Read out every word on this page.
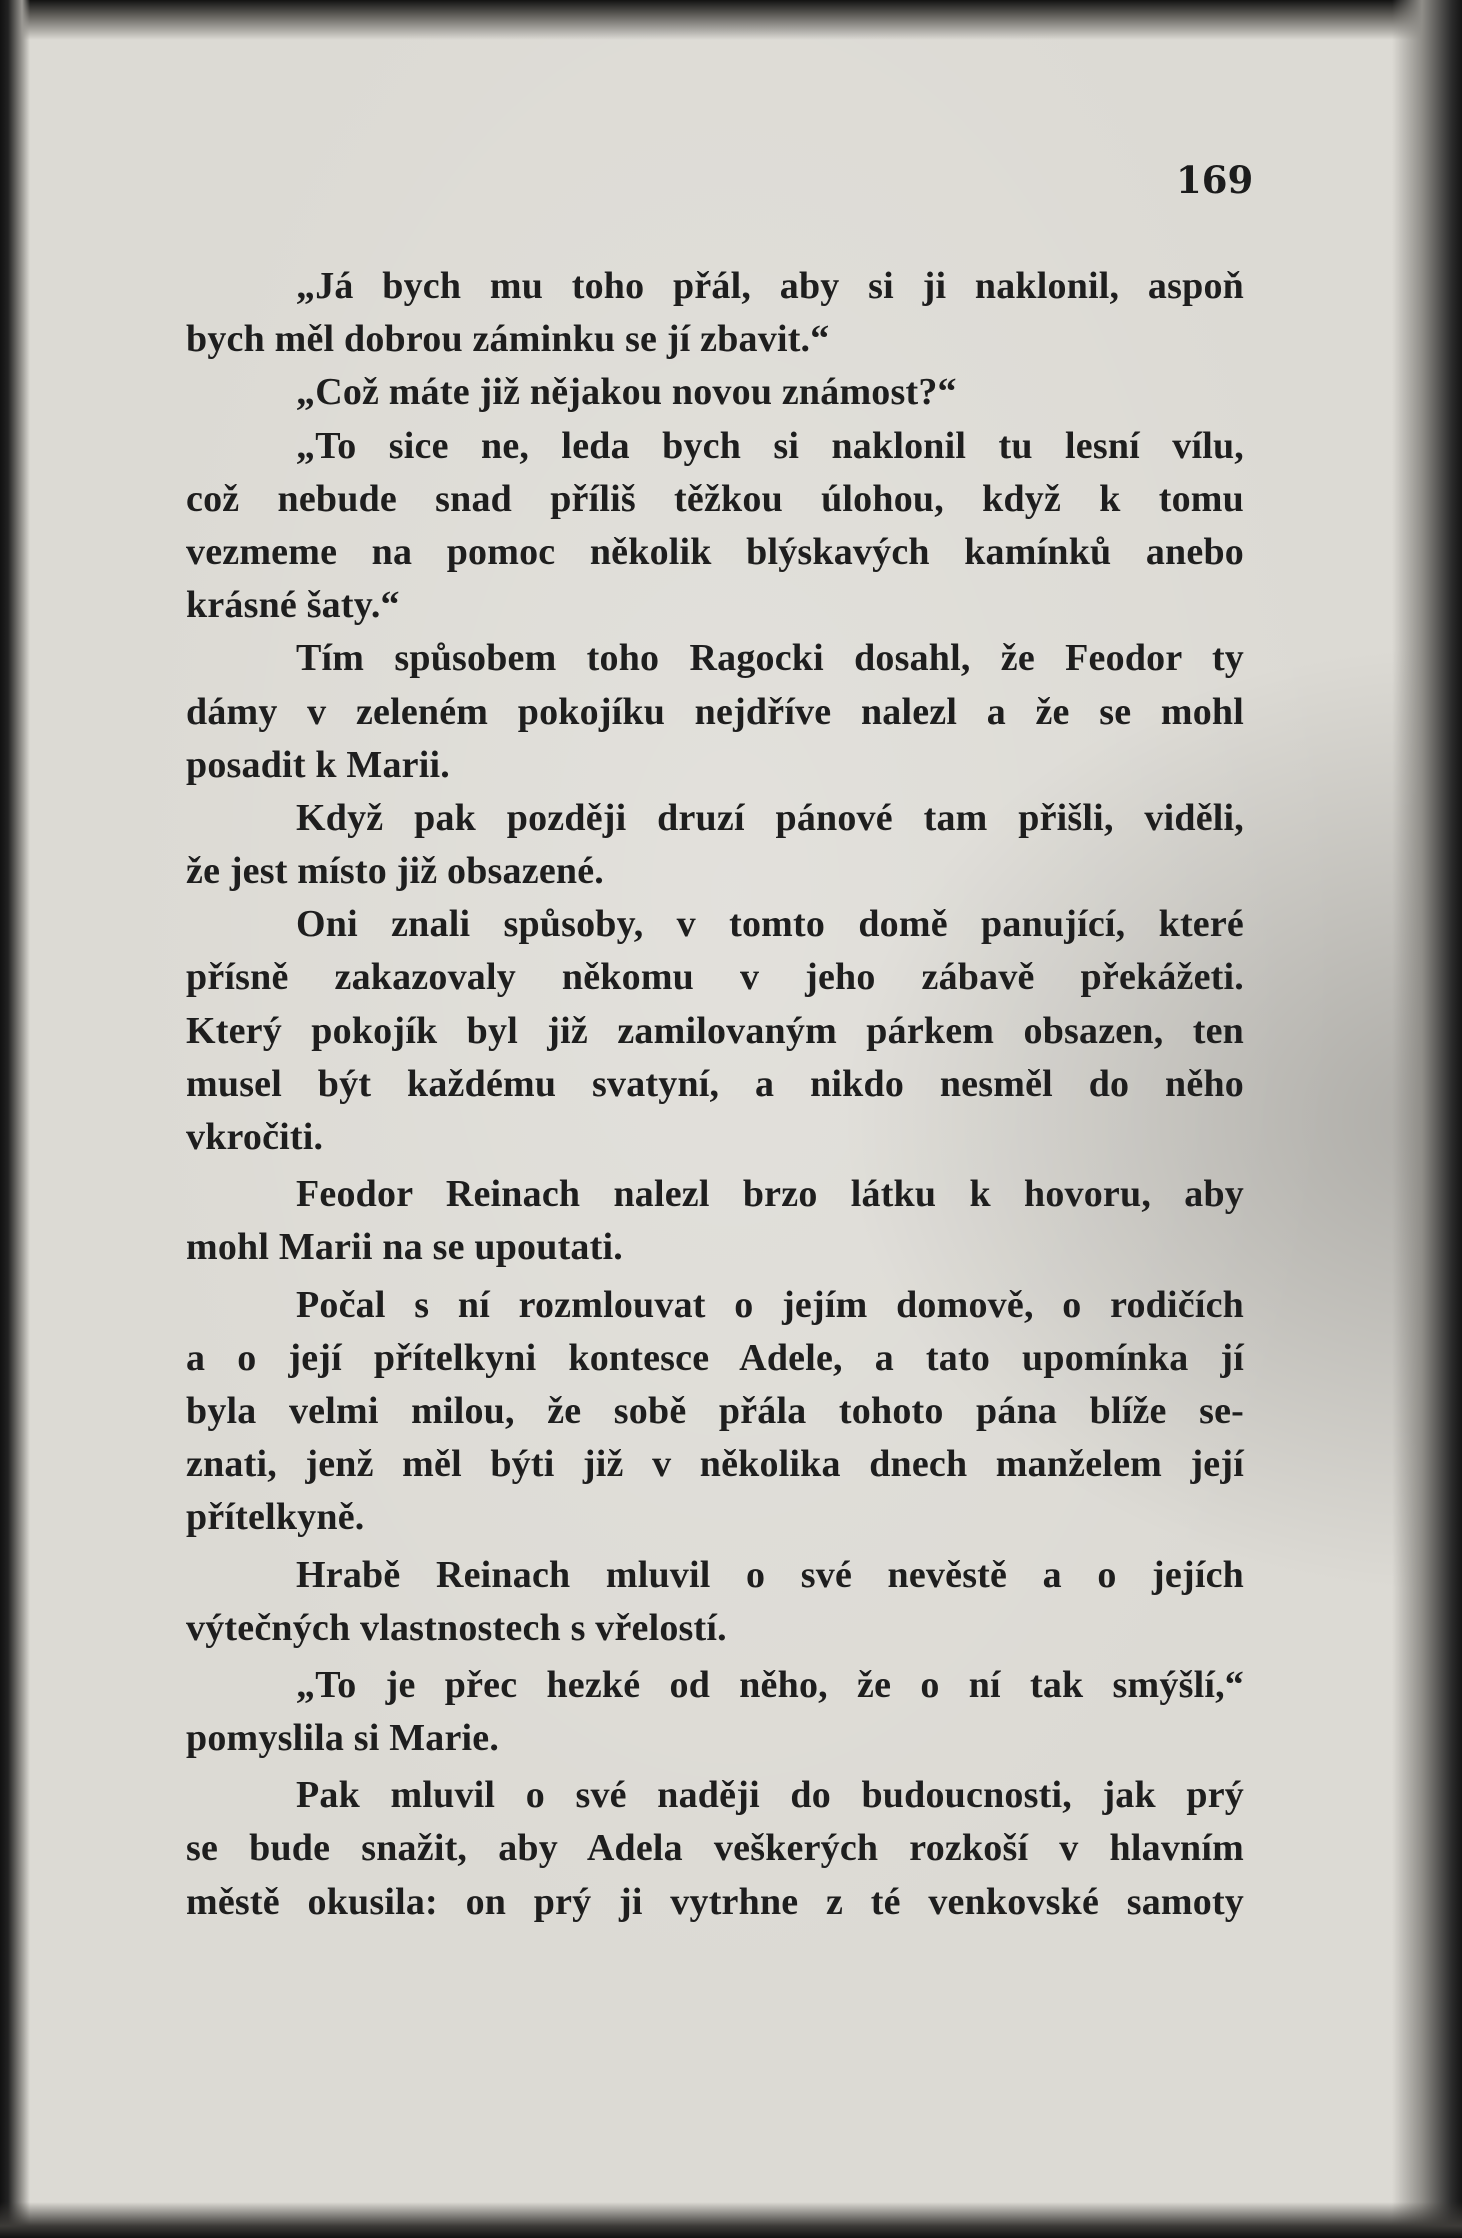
169
„Já bych mu toho přál, aby si ji naklonil, aspoň
bych měl dobrou záminku se jí zbavit.“
„Což máte již nějakou novou známost?“
„To sice ne, leda bych si naklonil tu lesní vílu,
což nebude snad příliš těžkou úlohou, když k tomu
vezmeme na pomoc několik blýskavých kamínků anebo
krásné šaty.“
Tím spůsobem toho Ragocki dosahl, že Feodor ty
dámy v zeleném pokojíku nejdříve nalezl a že se mohl
posadit k Marii.
Když pak později druzí pánové tam přišli, viděli,
že jest místo již obsazené.
Oni znali spůsoby, v tomto domě panující, které
přísně zakazovaly někomu v jeho zábavě překážeti.
Který pokojík byl již zamilovaným párkem obsazen, ten
musel být každému svatyní, a nikdo nesměl do něho
vkročiti.
Feodor Reinach nalezl brzo látku k hovoru, aby
mohl Marii na se upoutati.
Počal s ní rozmlouvat o jejím domově, o rodičích
a o její přítelkyni kontesce Adele, a tato upomínka jí
byla velmi milou, že sobě přála tohoto pána blíže se-
znati, jenž měl býti již v několika dnech manželem její
přítelkyně.
Hrabě Reinach mluvil o své nevěstě a o jejích
výtečných vlastnostech s vřelostí.
„To je přec hezké od něho, že o ní tak smýšlí,“
pomyslila si Marie.
Pak mluvil o své naději do budoucnosti, jak prý
se bude snažit, aby Adela veškerých rozkoší v hlavním
městě okusila: on prý ji vytrhne z té venkovské samoty
